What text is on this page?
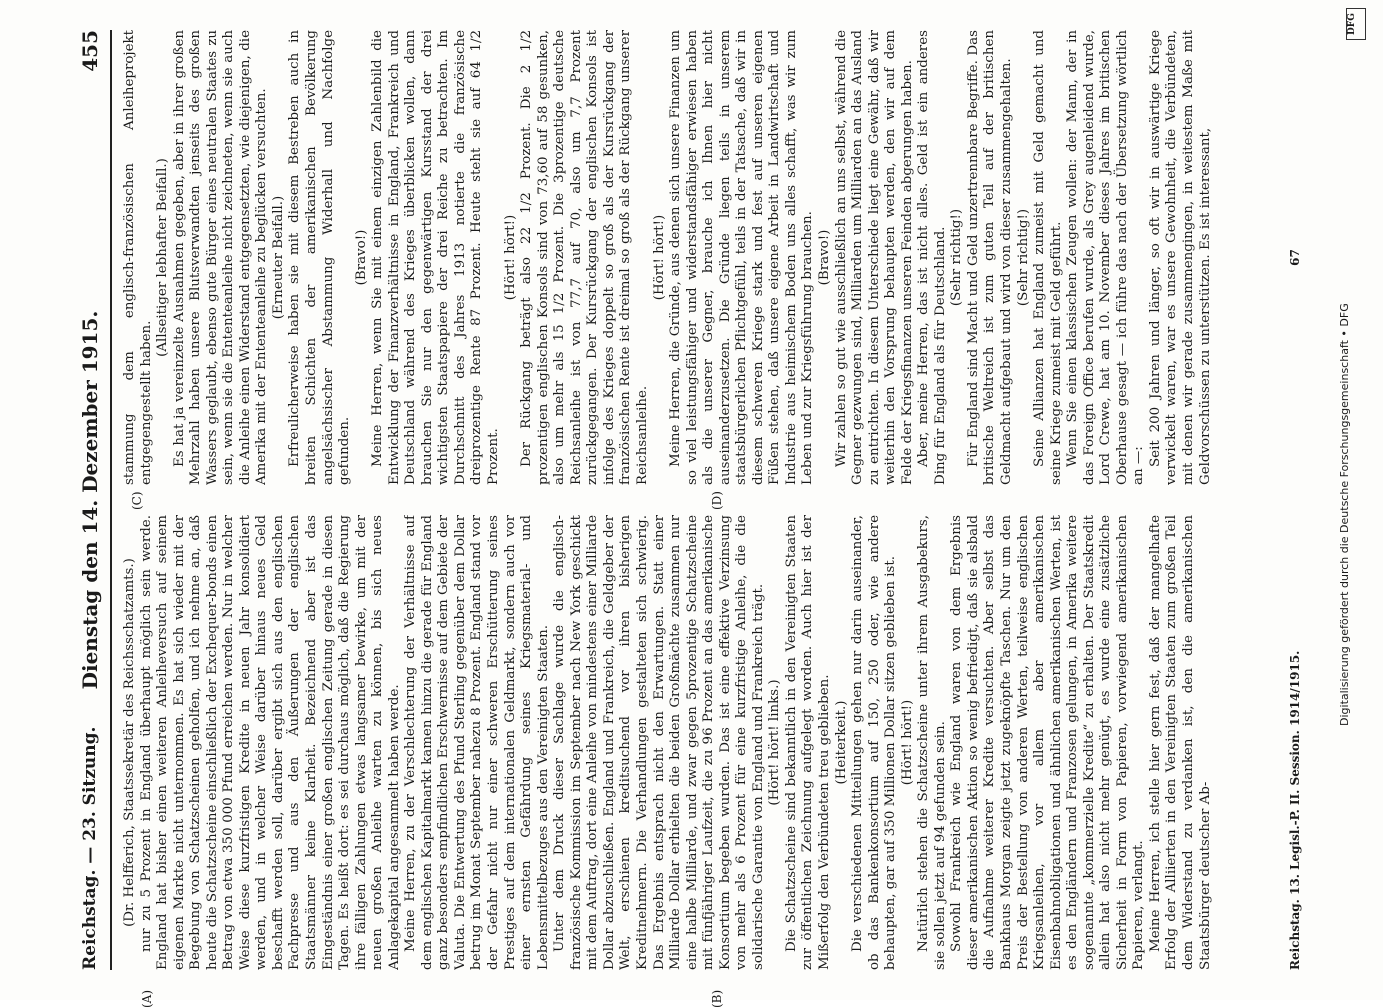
Reichstag. — 23. Sitzung.
Dienstag den 14. Dezember 1915.
455
(A)	(B)
(C)	(D)

(Dr. Helfferich, Staatssekretär des Reichsschatzamts.) nur zu 5 Prozent in England überhaupt möglich sein werde. England hat bisher einen weiteren Anleiheversuch auf seinem eigenen Markte nicht unternommen. Es hat sich wieder mit der Begebung von Schatzscheinen geholfen, und ich nehme an, daß heute die Schatzscheine einschließlich der Exchequer-bonds einen Betrag von etwa 350 000 Pfund erreichen werden. Nur in welcher Weise diese kurzfristigen Kredite in neuen Jahr konsolidiert werden, und in welcher Weise darüber hinaus neues Geld beschafft werden soll, darüber ergibt sich aus den englischen Fachpresse und aus den Äußerungen der englischen Staatsmänner keine Klarheit. Bezeichnend aber ist das Eingeständnis einer großen englischen Zeitung gerade in diesen Tagen. Es heißt dort: es sei durchaus möglich, daß die Regierung ihre fälligen Zahlungen etwas langsamer bewirke, um mit der neuen großen Anleihe warten zu können, bis sich neues Anlagekapital angesammelt haben werde. Meine Herren, zu der Verschlechterung der Verhältnisse auf dem englischen Kapitalmarkt kamen hinzu die gerade für England ganz besonders empfindlichen Erschwernisse auf dem Gebiete der Valuta. Die Entwertung des Pfund Sterling gegenüber dem Dollar betrug im Monat September nahezu 8 Prozent. England stand vor der Gefahr nicht nur einer schweren Erschütterung seines Prestiges auf dem internationalen Geldmarkt, sondern auch vor einer ernsten Gefährdung seines Kriegsmaterial- und Lebensmittelbezuges aus den Vereinigten Staaten. Unter dem Druck dieser Sachlage wurde die englisch-französische Kommission im September nach New York geschickt mit dem Auftrag, dort eine Anleihe von mindestens einer Milliarde Dollar abzuschließen. England und Frankreich, die Geldgeber der Welt, erschienen kreditsuchend vor ihren bisherigen Kreditnehmern. Die Verhandlungen gestalteten sich schwierig. Das Ergebnis entsprach nicht den Erwartungen. Statt einer Milliarde Dollar erhielten die beiden Großmächte zusammen nur eine halbe Milliarde, und zwar gegen 5prozentige Schatzscheine mit fünfjähriger Laufzeit, die zu 96 Prozent an das amerikanische Konsortium begeben wurden. Das ist eine effektive Verzinsung von mehr als 6 Prozent für eine kurzfristige Anleihe, die die solidarische Garantie von England und Frankreich trägt. (Hört! hört! links.) Die Schatzscheine sind bekanntlich in den Vereinigten Staaten zur öffentlichen Zeichnung aufgelegt worden. Auch hier ist der Mißerfolg den Verbündeten treu geblieben. (Heiterkeit.) Die verschiedenen Mitteilungen gehen nur darin auseinander, ob das Bankenkonsortium auf 150, 250 oder, wie andere behaupten, gar auf 350 Millionen Dollar sitzen geblieben ist. (Hört! hört!) Natürlich stehen die Schatzscheine unter ihrem Ausgabekurs, sie sollen jetzt auf 94 gefunden sein. Sowohl Frankreich wie England waren von dem Ergebnis dieser amerikanischen Aktion so wenig befriedigt, daß sie alsbald die Aufnahme weiterer Kredite versuchten. Aber selbst das Bankhaus Morgan zeigte jetzt zugeknöpfte Taschen. Nur um den Preis der Bestellung von anderen Werten, teilweise englischen Kriegsanleihen, vor allem aber amerikanischen Eisenbahnobligationen und ähnlichen amerikanischen Werten, ist es den Engländern und Franzosen gelungen, in Amerika weitere sogenannte „kommerzielle Kredite“ zu erhalten. Der Staatskredit allein hat also nicht mehr genügt, es wurde eine zusätzliche Sicherheit in Form von Papieren, vorwiegend amerikanischen Papieren, verlangt. Meine Herren, ich stelle hier gern fest, daß der mangelhafte Erfolg der Alliierten in den Vereinigten Staaten zum großen Teil dem Widerstand zu verdanken ist, den die amerikanischen Staatsbürger deutscher Ab-

stammung dem englisch-französischen Anleiheprojekt entgegengestellt haben.

(Allseitiger lebhafter Beifall.) Es hat ja vereinzelte Ausnahmen gegeben, aber in ihrer großen Mehrzahl haben unsere Blutsverwandten jenseits des großen Wassers geglaubt, ebenso gute Bürger eines neutralen Staates zu sein, wenn sie die Ententeanleihe nicht zeichneten, wenn sie auch die Anleihe einen Widerstand entgegensetzten, wie diejenigen, die Amerika mit der Ententeanleihe zu beglücken versuchten. (Erneuter Beifall.) Erfreulicherweise haben sie mit diesem Bestreben auch in breiten Schichten der amerikanischen Bevölkerung angelsächsischer Abstammung Widerhall und Nachfolge gefunden.

(Bravo!) Meine Herren, wenn Sie mit einem einzigen Zahlenbild die Entwicklung der Finanzverhältnisse in England, Frankreich und Deutschland während des Krieges überblicken wollen, dann brauchen Sie nur den gegenwärtigen Kursstand der drei wichtigsten Staatspapiere der drei Reiche zu betrachten. Im Durchschnitt des Jahres 1913 notierte die französische dreiprozentige Rente 87 Prozent. Heute steht sie auf 64 1/2 Prozent.

(Hört! hört!) Der Rückgang beträgt also 22 1/2 Prozent. Die 2 1/2 prozentigen englischen Konsols sind von 73,60 auf 58 gesunken, also um mehr als 15 1/2 Prozent. Die 3prozentige deutsche Reichsanleihe ist von 77,7 auf 70, also um 7,7 Prozent zurückgegangen. Der Kursrückgang der englischen Konsols ist infolge des Krieges doppelt so groß als der Kursrückgang der französischen Rente ist dreimal so groß als der Rückgang unserer Reichsanleihe.

(Hört! hört!) Meine Herren, die Gründe, aus denen sich unsere Finanzen um so viel leistungsfähiger und widerstandsfähiger erwiesen haben als die unserer Gegner, brauche ich Ihnen hier nicht auseinanderzusetzen. Die Gründe liegen teils in unserem staatsbürgerlichen Pflichtgefühl, teils in der Tatsache, daß wir in diesem schweren Kriege stark und fest auf unseren eigenen Füßen stehen, daß unsere eigene Arbeit in Landwirtschaft und Industrie aus heimischem Boden uns alles schafft, was wir zum Leben und zur Kriegsführung brauchen. (Bravo!) Wir zahlen so gut wie ausschließlich an uns selbst, während die Gegner gezwungen sind, Milliarden um Milliarden an das Ausland zu entrichten. In diesem Unterschiede liegt eine Gewähr, daß wir weiterhin den Vorsprung behaupten werden, den wir auf dem Felde der Kriegsfinanzen unseren Feinden abgerungen haben. Aber, meine Herren, das ist nicht alles. Geld ist ein anderes Ding für England als für Deutschland. (Sehr richtig!) Für England sind Macht und Geld unzertrennbare Begriffe. Das britische Weltreich ist zum guten Teil auf der britischen Geldmacht aufgebaut und wird von dieser zusammengehalten. (Sehr richtig!) Seine Allianzen hat England zumeist mit Geld gemacht und seine Kriege zumeist mit Geld geführt. Wenn Sie einen klassischen Zeugen wollen: der Mann, der in das Foreign Office berufen wurde, als Grey augenleidend wurde, Lord Crewe, hat am 10. November dieses Jahres im britischen Oberhause gesagt — ich führe das nach der Übersetzung wörtlich an —: Seit 200 Jahren und länger, so oft wir in auswärtige Kriege verwickelt waren, war es unsere Gewohnheit, die Verbündeten, mit denen wir gerade zusammengingen, in weitestem Maße mit Geldvorschüssen zu unterstützen. Es ist interessant,

Reichstag. 13. Legisl.-P. II. Session. 1914/1915.
67
DFG
Digitalisierung gefördert durch die Deutsche Forschungsgemeinschaft • DFG
